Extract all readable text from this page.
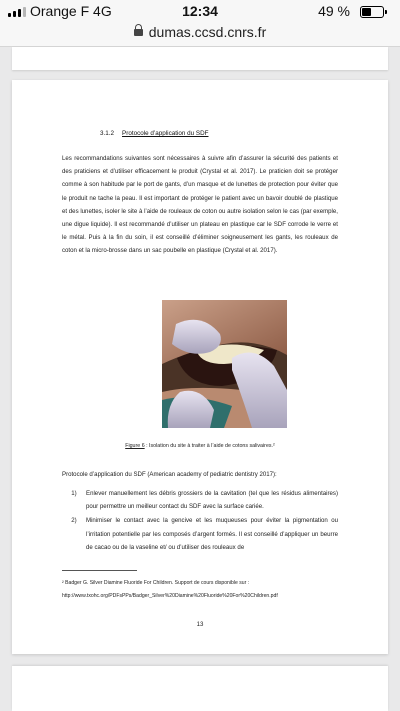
Orange F 4G	12:34	49 %
dumas.ccsd.cnrs.fr
3.1.2 Protocole d’application du SDF

Les recommandations suivantes sont nécessaires à suivre afin d’assurer la sécurité des patients et des praticiens et d’utiliser efficacement le produit (Crystal et al. 2017). Le praticien doit se protéger comme à son habitude par le port de gants, d’un masque et de lunettes de protection pour éviter que le produit ne tache la peau. Il est important de protéger le patient avec un bavoir doublé de plastique et des lunettes, isoler le site à l’aide de rouleaux de coton ou autre isolation selon le cas (par exemple, une digue liquide). Il est recommandé d’utiliser un plateau en plastique car le SDF corrode le verre et le métal. Puis à la fin du soin, il est conseillé d’éliminer soigneusement les gants, les rouleaux de coton et la micro-brosse dans un sac poubelle en plastique (Crystal et al. 2017).

Figure 6 : Isolation du site à traiter à l’aide de cotons salivaires.²
Protocole d’application du SDF (American academy of pediatric dentistry 2017):
1)	Enlever manuellement les débris grossiers de la cavitation (tel que les résidus alimentaires) pour permettre un meilleur contact du SDF avec la surface cariée.
2)	Minimiser le contact avec la gencive et les muqueuses pour éviter la pigmentation ou l’irritation potentielle par les composés d’argent formés. Il est conseillé d’appliquer un beurre de cacao ou de la vaseline et/ ou d’utiliser des rouleaux de
² Badger G. Silver Diamine Fluoride For Children. Support de cours disponible sur :
http://www.txohc.org/PDFsPPs/Badger_Silver%20Diamine%20Fluoride%20For%20Children.pdf
13
